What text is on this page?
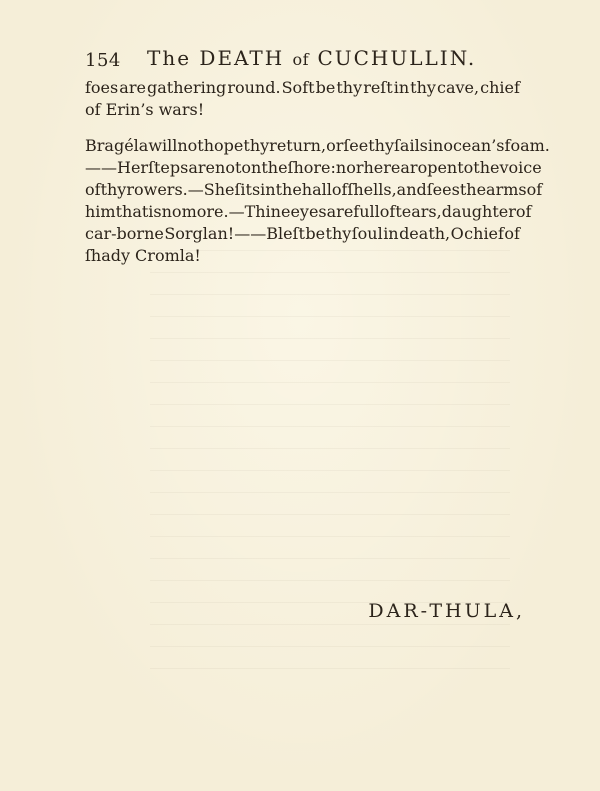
154 The DEATH of CUCHULLIN.
foes are gathering round. Soft be thy reſt in thy cave, chief
of Erin’s wars!
Bragéla will not hope thy return, or ſee thy ſails in ocean’s foam.
——Her ſteps are not on the ſhore : nor her ear open to the voice
of thy rowers.—She ſits in the hall of ſhells, and ſees the arms of
him that is no more.—Thine eyes are full of tears, daughter of
car-borne Sorglan!——Bleſt be thy ſoul in death, O chief of
ſhady Cromla!
DAR-THULA,
